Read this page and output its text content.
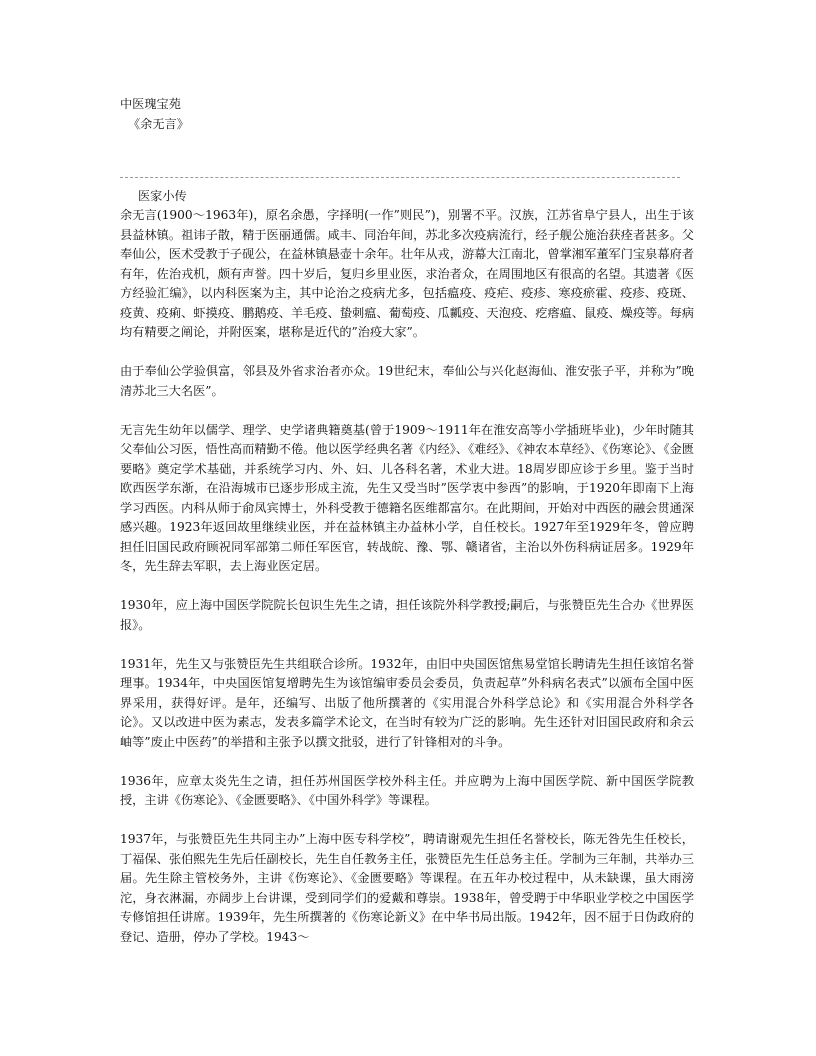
中医瑰宝苑
《余无言》
医家小传

余无言(1900～1963年)，原名余愚，字择明(一作”则民”)，别署不平。汉族，江苏省阜宁县人，出生于该县益林镇。祖讳子散，精于医丽通儒。咸丰、同治年间，苏北多次疫病流行，经子舰公施治获痊者甚多。父奉仙公，医术受教于子砚公，在益林镇悬壶十余年。壮年从戎，游幕大江南北，曾掌湘军董军门宝泉幕府者有年，佐治戎机，颇有声誉。四十岁后，复归乡里业医，求治者众，在周围地区有很高的名望。其遗著《医方经验汇编》，以内科医案为主，其中论治之疫病尤多，包括瘟疫、疫疟、疫疹、寒疫瘀霍、疫疹、疫斑、疫黄、疫痢、虾摸疫、鹏鹅疫、羊毛疫、蛰刺瘟、葡萄疫、瓜瓤疫、天泡疫、疙瘩瘟、鼠疫、燥疫等。每病均有精要之阐论，并附医案，堪称是近代的”治疫大家”。

由于奉仙公学验俱富，邻县及外省求治者亦众。19世纪末，奉仙公与兴化赵海仙、淮安张子平，并称为”晚清苏北三大名医”。

无言先生幼年以儒学、理学、史学诸典籍奠基(曾于1909～1911年在淮安高等小学插班毕业)，少年时随其父奉仙公习医，悟性高而精勤不倦。他以医学经典名著《内经》、《难经》、《神农本草经》、《伤寒论》、《金匮要略》奠定学术基础，并系统学习内、外、妇、儿各科名著，术业大进。18周岁即应诊于乡里。鉴于当时欧西医学东渐，在沿海城市已逐步形成主流，先生又受当时”医学衷中参西”的影响，于1920年即南下上海学习西医。内科从师于俞凤宾博士，外科受教于德籍名医维都富尔。在此期间，开始对中西医的融会贯通深感兴趣。1923年返回故里继续业医，并在益林镇主办益林小学，自任校长。1927年至1929年冬，曾应聘担任旧国民政府顾祝同军部第二师任军医官，转战皖、豫、鄂、赣诸省，主治以外伤科病证居多。1929年冬，先生辞去军职，去上海业医定居。

1930年，应上海中国医学院院长包识生先生之请，担任该院外科学教授;嗣后，与张赞臣先生合办《世界医报》。

1931年，先生又与张赞臣先生共组联合诊所。1932年，由旧中央国医馆焦易堂馆长聘请先生担任该馆名誉理事。1934年，中央国医馆复增聘先生为该馆编审委员会委员，负责起草”外科病名表式”以颁布全国中医界采用，获得好评。是年，还编写、出版了他所撰著的《实用混合外科学总论》和《实用混合外科学各论》。又以改进中医为素志，发表多篇学术论文，在当时有较为广泛的影响。先生还针对旧国民政府和余云岫等”废止中医药”的举措和主张予以撰文批驳，进行了针锋相对的斗争。

1936年，应章太炎先生之请，担任苏州国医学校外科主任。并应聘为上海中国医学院、新中国医学院教授，主讲《伤寒论》、《金匮要略》、《中国外科学》等课程。

1937年，与张赞臣先生共同主办”上海中医专科学校”，聘请谢观先生担任名誉校长，陈无咎先生任校长，丁福保、张伯熙先生先后任副校长，先生自任教务主任，张赞臣先生任总务主任。学制为三年制，共举办三届。先生除主管校务外，主讲《伤寒论》、《金匮要略》等课程。在五年办校过程中，从未缺课，虽大雨滂沱，身衣淋漏，亦阔步上台讲课，受到同学们的爱戴和尊崇。1938年，曾受聘于中华职业学校之中国医学专修馆担任讲席。1939年，先生所撰著的《伤寒论新义》在中华书局出版。1942年，因不屈于日伪政府的登记、造册，停办了学校。1943～
